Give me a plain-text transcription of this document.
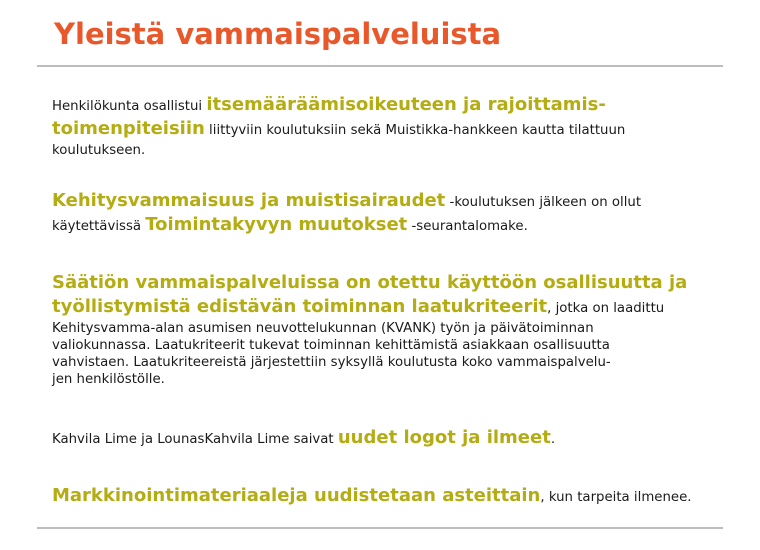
Yleistä vammaispalveluista
Henkilökunta osallistui itsemääräämisoikeuteen ja rajoittamis-
toimenpiteisiin liittyviin koulutuksiin sekä Muistikka-hankkeen kautta tilattuun
koulutukseen.
Kehitysvammaisuus ja muistisairaudet -koulutuksen jälkeen on ollut
käytettävissä Toimintakyvyn muutokset -seurantalomake.
Säätiön vammaispalveluissa on otettu käyttöön osallisuutta ja
työllistymistä edistävän toiminnan laatukriteerit, jotka on laadittu
Kehitysvamma-alan asumisen neuvottelukunnan (KVANK) työn ja päivätoiminnan
valiokunnassa. Laatukriteerit tukevat toiminnan kehittämistä asiakkaan osallisuutta
vahvistaen. Laatukriteereistä järjestettiin syksyllä koulutusta koko vammaispalvelu-
jen henkilöstölle.
Kahvila Lime ja LounasKahvila Lime saivat uudet logot ja ilmeet.
Markkinointimateriaaleja uudistetaan asteittain, kun tarpeita ilmenee.
